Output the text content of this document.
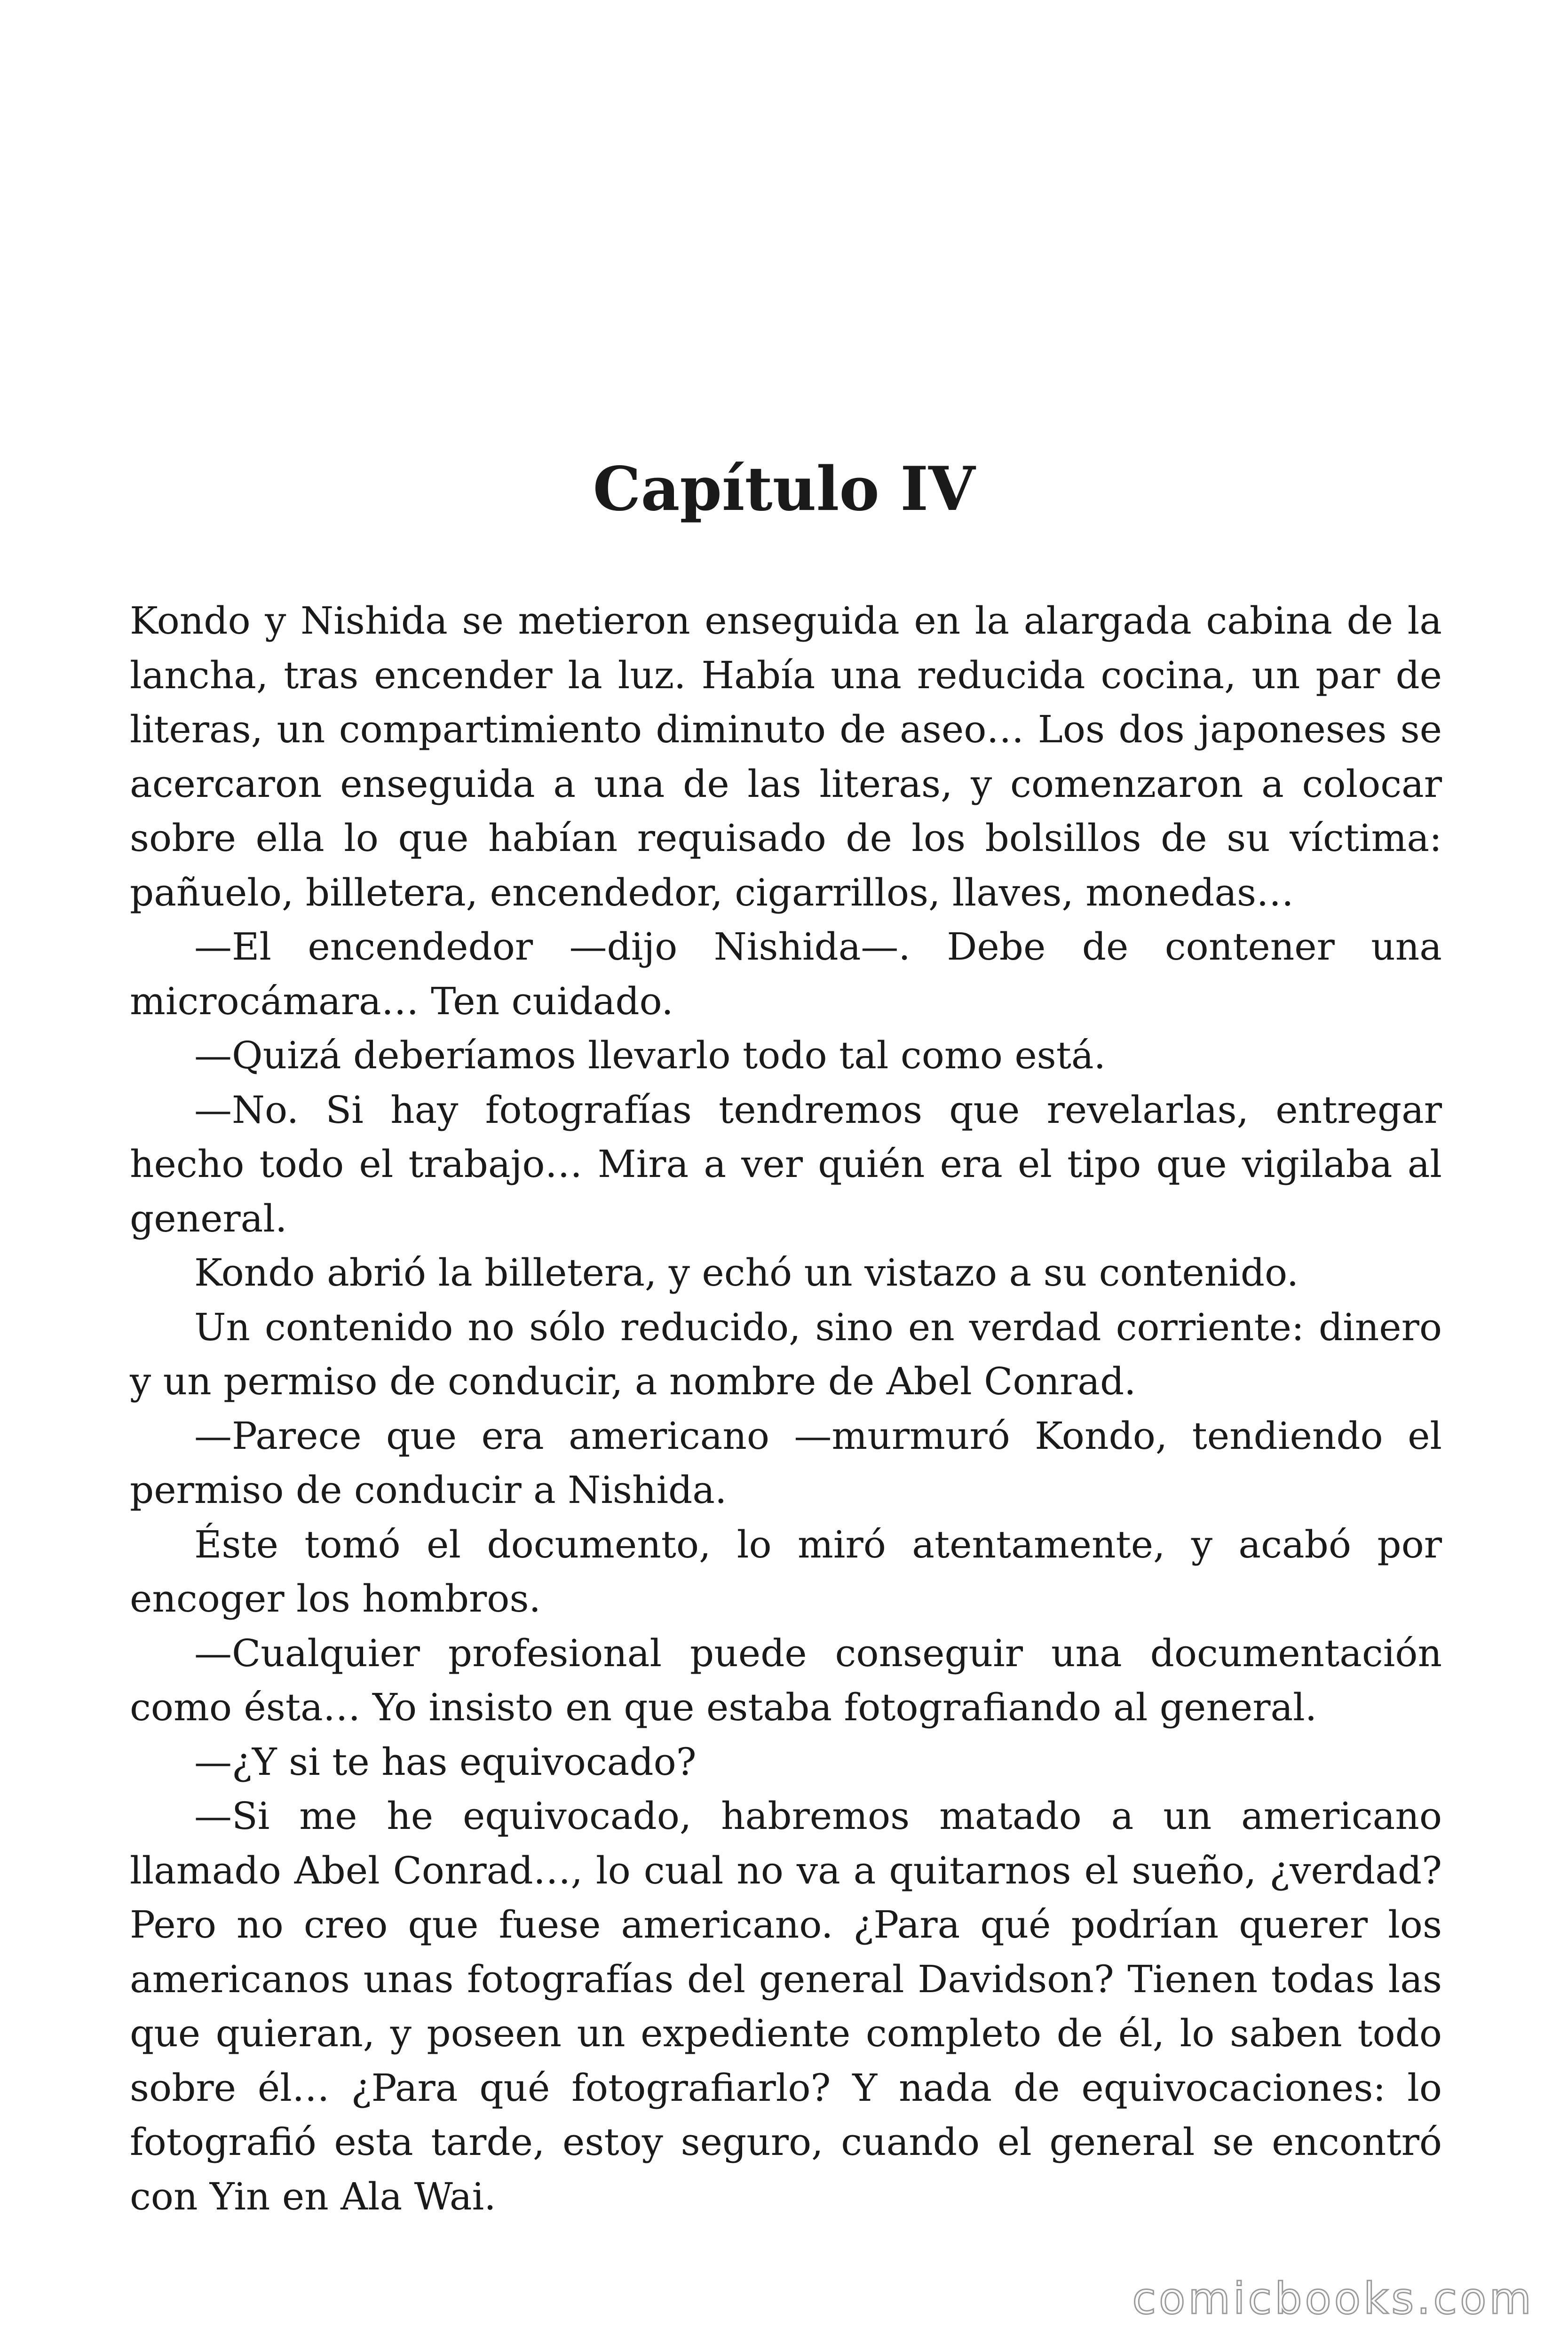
Capítulo IV

Kondo y Nishida se metieron enseguida en la alargada cabina de la lancha, tras encender la luz. Había una reducida cocina, un par de literas, un compartimiento diminuto de aseo… Los dos japoneses se acercaron enseguida a una de las literas, y comenzaron a colocar sobre ella lo que habían requisado de los bolsillos de su víctima: pañuelo, billetera, encendedor, cigarrillos, llaves, monedas…

—El encendedor —dijo Nishida—. Debe de contener una microcámara… Ten cuidado.

—Quizá deberíamos llevarlo todo tal como está.

—No. Si hay fotografías tendremos que revelarlas, entregar hecho todo el trabajo… Mira a ver quién era el tipo que vigilaba al general.

Kondo abrió la billetera, y echó un vistazo a su contenido.

Un contenido no sólo reducido, sino en verdad corriente: dinero y un permiso de conducir, a nombre de Abel Conrad.

—Parece que era americano —murmuró Kondo, tendiendo el permiso de conducir a Nishida.

Éste tomó el documento, lo miró atentamente, y acabó por encoger los hombros.

—Cualquier profesional puede conseguir una documentación como ésta… Yo insisto en que estaba fotografiando al general.

—¿Y si te has equivocado?

—Si me he equivocado, habremos matado a un americano llamado Abel Conrad…, lo cual no va a quitarnos el sueño, ¿verdad? Pero no creo que fuese americano. ¿Para qué podrían querer los americanos unas fotografías del general Davidson? Tienen todas las que quieran, y poseen un expediente completo de él, lo saben todo sobre él… ¿Para qué fotografiarlo? Y nada de equivocaciones: lo fotografió esta tarde, estoy seguro, cuando el general se encontró con Yin en Ala Wai.

comicbooks.com
